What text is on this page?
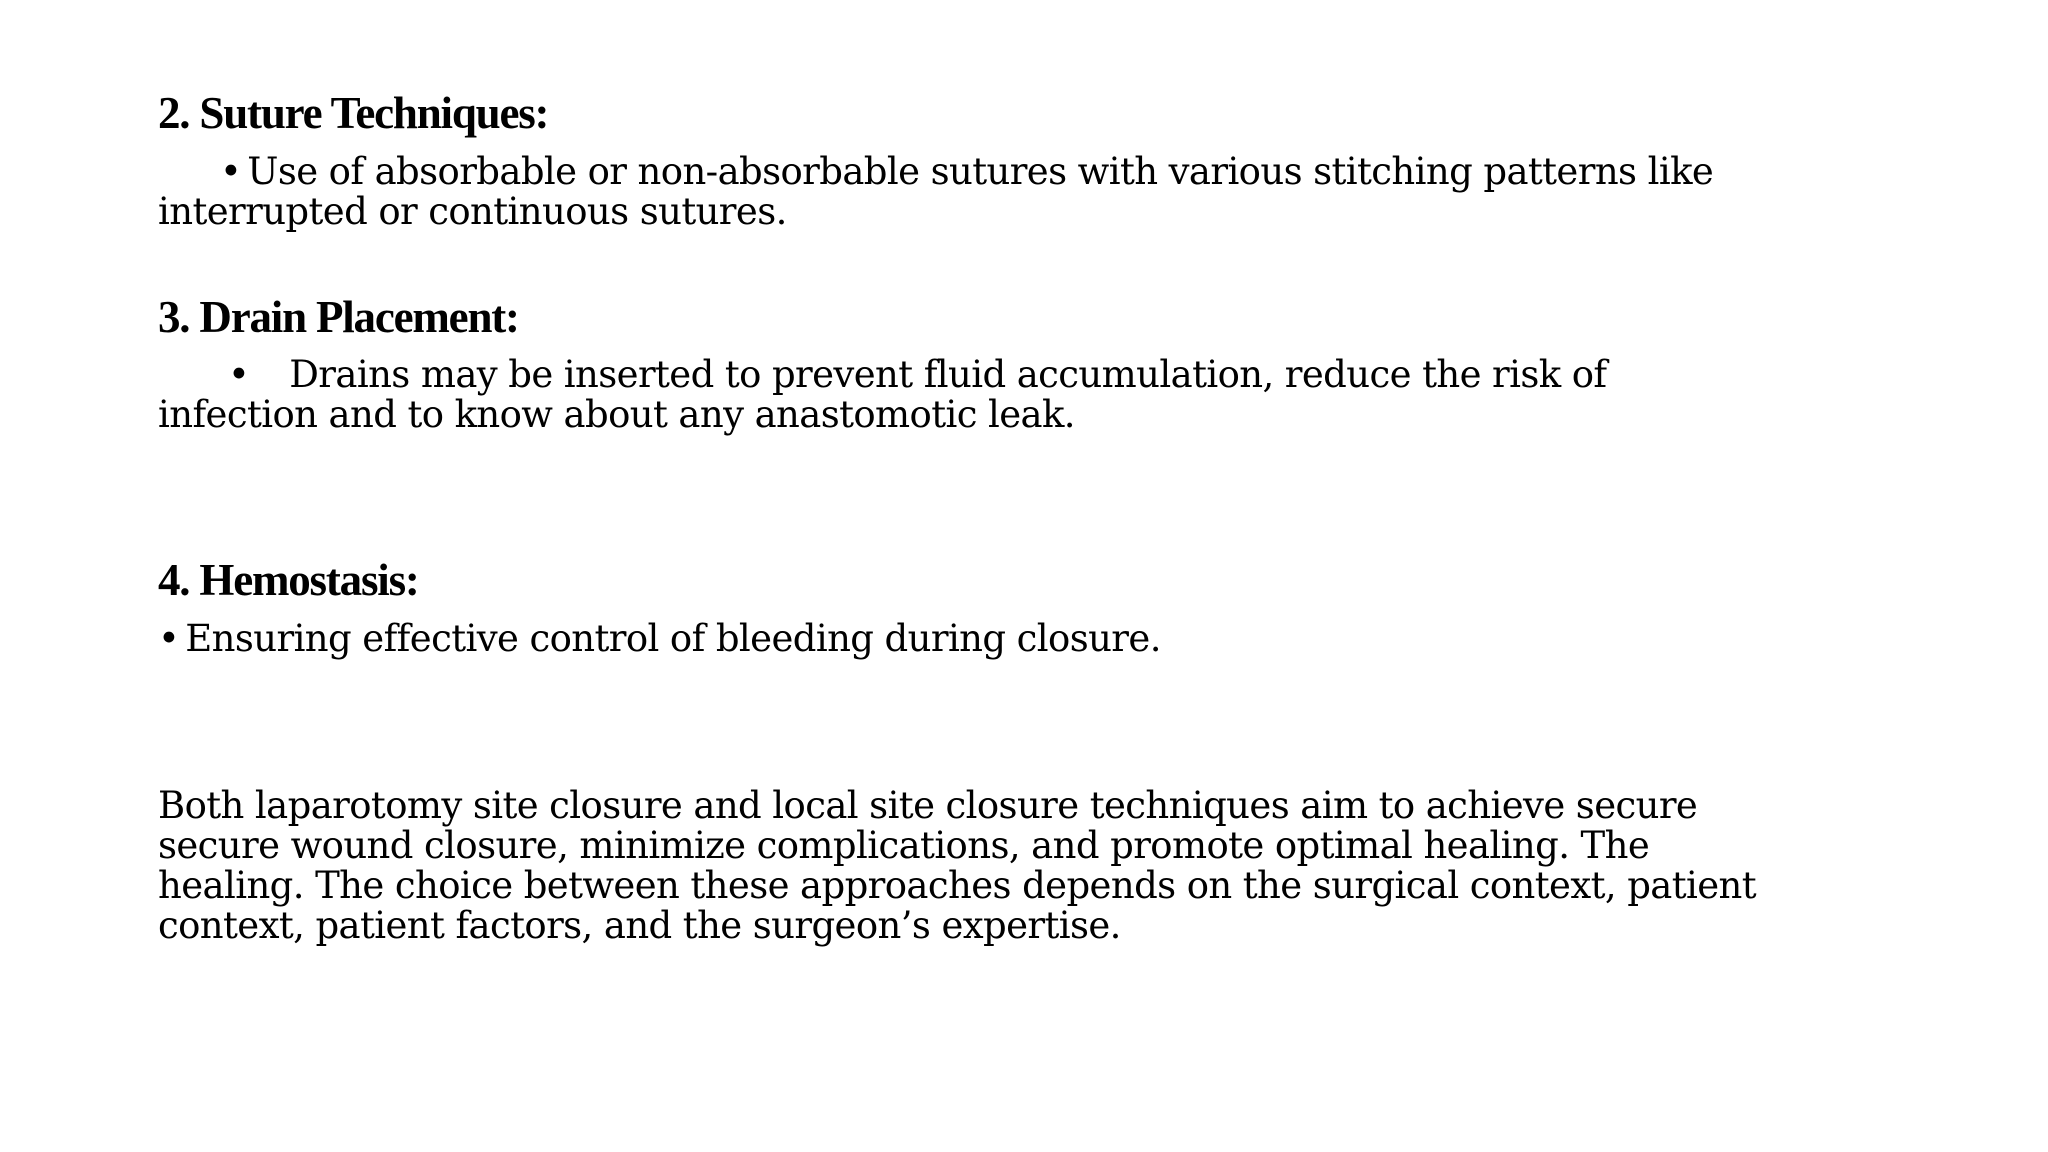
2. Suture Techniques:
• Use of absorbable or non-absorbable sutures with various stitching patterns like
interrupted or continuous sutures.
3. Drain Placement:
• Drains may be inserted to prevent fluid accumulation, reduce the risk of
infection and to know about any anastomotic leak.
4. Hemostasis:
• Ensuring effective control of bleeding during closure.
Both laparotomy site closure and local site closure techniques aim to achieve secure
secure wound closure, minimize complications, and promote optimal healing. The
healing. The choice between these approaches depends on the surgical context, patient
context, patient factors, and the surgeon’s expertise.
